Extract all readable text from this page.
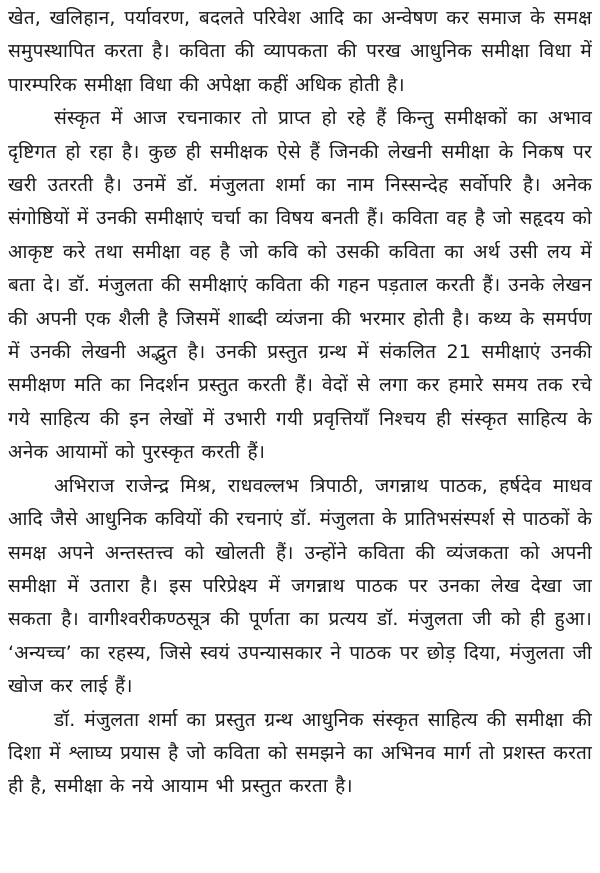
खेत, खलिहान, पर्यावरण, बदलते परिवेश आदि का अन्वेषण कर समाज के समक्ष समुपस्थापित करता है। कविता की व्यापकता की परख आधुनिक समीक्षा विधा में पारम्परिक समीक्षा विधा की अपेक्षा कहीं अधिक होती है।

संस्कृत में आज रचनाकार तो प्राप्त हो रहे हैं किन्तु समीक्षकों का अभाव दृष्टिगत हो रहा है। कुछ ही समीक्षक ऐसे हैं जिनकी लेखनी समीक्षा के निकष पर खरी उतरती है। उनमें डॉ. मंजुलता शर्मा का नाम निस्सन्देह सर्वोपरि है। अनेक संगोष्ठियों में उनकी समीक्षाएं चर्चा का विषय बनती हैं। कविता वह है जो सहृदय को आकृष्ट करे तथा समीक्षा वह है जो कवि को उसकी कविता का अर्थ उसी लय में बता दे। डॉ. मंजुलता की समीक्षाएं कविता की गहन पड़ताल करती हैं। उनके लेखन की अपनी एक शैली है जिसमें शाब्दी व्यंजना की भरमार होती है। कथ्य के समर्पण में उनकी लेखनी अद्भुत है। उनकी प्रस्तुत ग्रन्थ में संकलित 21 समीक्षाएं उनकी समीक्षण मति का निदर्शन प्रस्तुत करती हैं। वेदों से लगा कर हमारे समय तक रचे गये साहित्य की इन लेखों में उभारी गयी प्रवृत्तियाँ निश्चय ही संस्कृत साहित्य के अनेक आयामों को पुरस्कृत करती हैं।

अभिराज राजेन्द्र मिश्र, राधवल्लभ त्रिपाठी, जगन्नाथ पाठक, हर्षदेव माधव आदि जैसे आधुनिक कवियों की रचनाएं डॉ. मंजुलता के प्रातिभसंस्पर्श से पाठकों के समक्ष अपने अन्तस्तत्त्व को खोलती हैं। उन्होंने कविता की व्यंजकता को अपनी समीक्षा में उतारा है। इस परिप्रेक्ष्य में जगन्नाथ पाठक पर उनका लेख देखा जा सकता है। वागीश्वरीकण्ठसूत्र की पूर्णता का प्रत्यय डॉ. मंजुलता जी को ही हुआ। ‘अन्यच्च’ का रहस्य, जिसे स्वयं उपन्यासकार ने पाठक पर छोड़ दिया, मंजुलता जी खोज कर लाई हैं।

डॉ. मंजुलता शर्मा का प्रस्तुत ग्रन्थ आधुनिक संस्कृत साहित्य की समीक्षा की दिशा में श्लाघ्य प्रयास है जो कविता को समझने का अभिनव मार्ग तो प्रशस्त करता ही है, समीक्षा के नये आयाम भी प्रस्तुत करता है।
